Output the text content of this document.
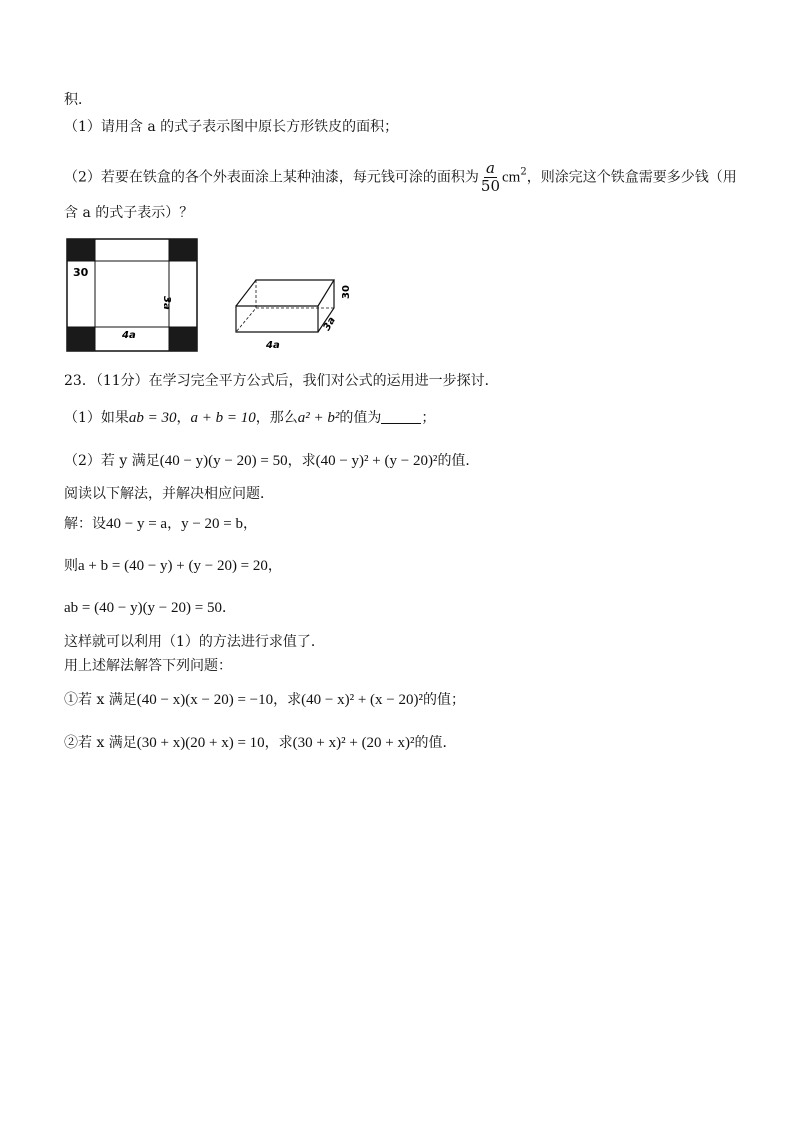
积．
（1）请用含 a 的式子表示图中原长方形铁皮的面积；
（2）若要在铁盒的各个外表面涂上某种油漆，每元钱可涂的面积为 $\frac{a}{50} cm^2$，则涂完这个铁盒需要多少钱（用
含 a 的式子表示）？
30
3a
4a
30
3a
4a
23．（11分）在学习完全平方公式后，我们对公式的运用进一步探讨．
（1）如果ab = 30，a + b = 10，那么a² + b²的值为	；
（2）若 y 满足(40 − y)(y − 20) = 50，求(40 − y)² + (y − 20)²的值．
阅读以下解法，并解决相应问题．
解：设40 − y = a，y − 20 = b，
则a + b = (40 − y) + (y − 20) = 20，
ab = (40 − y)(y − 20) = 50．
这样就可以利用（1）的方法进行求值了．
用上述解法解答下列问题：
①若 x 满足(40 − x)(x − 20) = −10，求(40 − x)² + (x − 20)²的值；
②若 x 满足(30 + x)(20 + x) = 10，求(30 + x)² + (20 + x)²的值．
